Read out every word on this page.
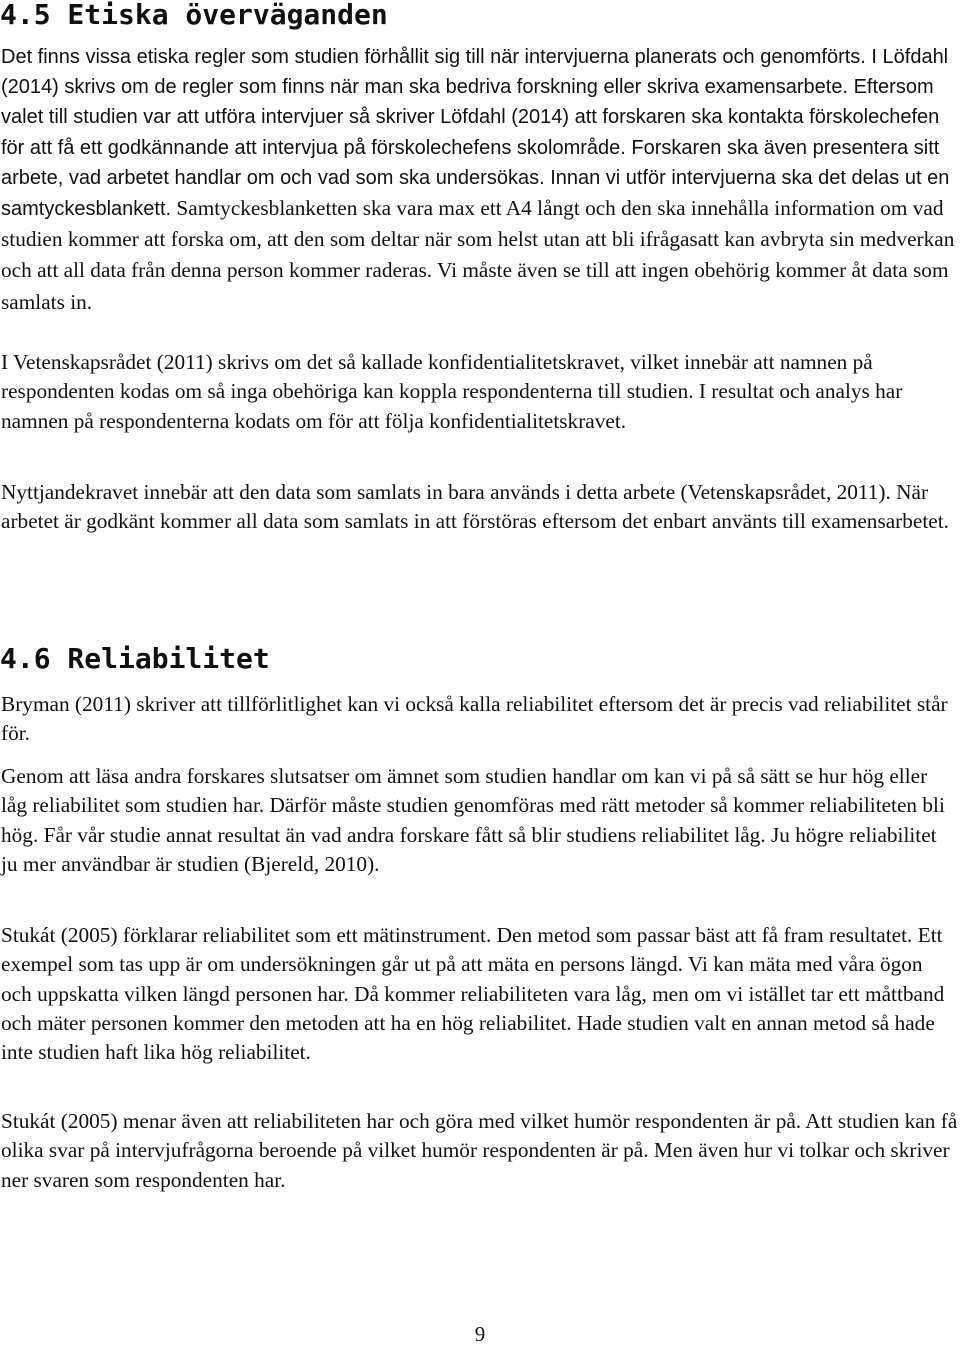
4.5 Etiska överväganden

Det finns vissa etiska regler som studien förhållit sig till när intervjuerna planerats och genomförts. I Löfdahl (2014) skrivs om de regler som finns när man ska bedriva forskning eller skriva examensarbete. Eftersom valet till studien var att utföra intervjuer så skriver Löfdahl (2014) att forskaren ska kontakta förskolechefen för att få ett godkännande att intervjua på förskolechefens skolområde. Forskaren ska även presentera sitt arbete, vad arbetet handlar om och vad som ska undersökas. Innan vi utför intervjuerna ska det delas ut en samtyckesblankett. Samtyckesblanketten ska vara max ett A4 långt och den ska innehålla information om vad studien kommer att forska om, att den som deltar när som helst utan att bli ifrågasatt kan avbryta sin medverkan och att all data från denna person kommer raderas. Vi måste även se till att ingen obehörig kommer åt data som samlats in.

I Vetenskapsrådet (2011) skrivs om det så kallade konfidentialitetskravet, vilket innebär att namnen på respondenten kodas om så inga obehöriga kan koppla respondenterna till studien. I resultat och analys har namnen på respondenterna kodats om för att följa konfidentialitetskravet.

Nyttjandekravet innebär att den data som samlats in bara används i detta arbete (Vetenskapsrådet, 2011). När arbetet är godkänt kommer all data som samlats in att förstöras eftersom det enbart använts till examensarbetet.

4.6 Reliabilitet

Bryman (2011) skriver att tillförlitlighet kan vi också kalla reliabilitet eftersom det är precis vad reliabilitet står för.

Genom att läsa andra forskares slutsatser om ämnet som studien handlar om kan vi på så sätt se hur hög eller låg reliabilitet som studien har. Därför måste studien genomföras med rätt metoder så kommer reliabiliteten bli hög. Får vår studie annat resultat än vad andra forskare fått så blir studiens reliabilitet låg. Ju högre reliabilitet ju mer användbar är studien (Bjereld, 2010).

Stukát (2005) förklarar reliabilitet som ett mätinstrument. Den metod som passar bäst att få fram resultatet. Ett exempel som tas upp är om undersökningen går ut på att mäta en persons längd. Vi kan mäta med våra ögon och uppskatta vilken längd personen har. Då kommer reliabiliteten vara låg, men om vi istället tar ett måttband och mäter personen kommer den metoden att ha en hög reliabilitet. Hade studien valt en annan metod så hade inte studien haft lika hög reliabilitet.

Stukát (2005) menar även att reliabiliteten har och göra med vilket humör respondenten är på. Att studien kan få olika svar på intervjufrågorna beroende på vilket humör respondenten är på. Men även hur vi tolkar och skriver ner svaren som respondenten har.

9
